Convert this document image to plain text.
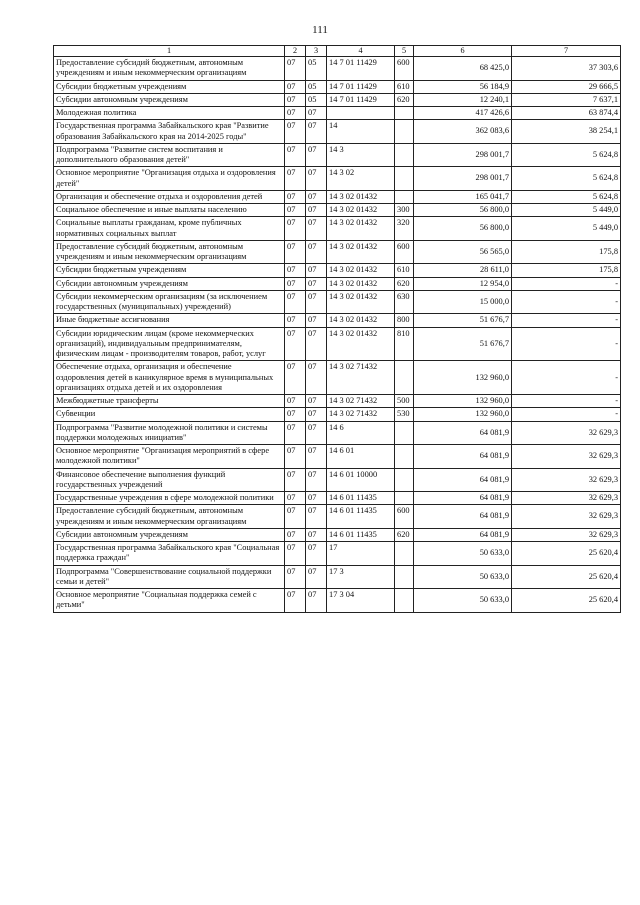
111
1	2	3	4	5	6	7
Предоставление субсидий бюджетным, автономным учреждениям и иным некоммерческим организациям	07	05	14 7 01 11429	600	68 425,0	37 303,6
Субсидии бюджетным учреждениям	07	05	14 7 01 11429	610	56 184,9	29 666,5
Субсидии автономным учреждениям	07	05	14 7 01 11429	620	12 240,1	7 637,1
Молодежная политика	07	07			417 426,6	63 874,4
Государственная программа Забайкальского края "Развитие образования Забайкальского края на 2014-2025 годы"	07	07	14		362 083,6	38 254,1
Подпрограмма "Развитие систем воспитания и дополнительного образования детей"	07	07	14 3		298 001,7	5 624,8
Основное мероприятие "Организация отдыха и оздоровления детей"	07	07	14 3 02		298 001,7	5 624,8
Организация и обеспечение отдыха и оздоровления детей	07	07	14 3 02 01432		165 041,7	5 624,8
Социальное обеспечение и иные выплаты населению	07	07	14 3 02 01432	300	56 800,0	5 449,0
Социальные выплаты гражданам, кроме публичных нормативных социальных выплат	07	07	14 3 02 01432	320	56 800,0	5 449,0
Предоставление субсидий бюджетным, автономным учреждениям и иным некоммерческим организациям	07	07	14 3 02 01432	600	56 565,0	175,8
Субсидии бюджетным учреждениям	07	07	14 3 02 01432	610	28 611,0	175,8
Субсидии автономным учреждениям	07	07	14 3 02 01432	620	12 954,0	-
Субсидии некоммерческим организациям (за исключением государственных (муниципальных) учреждений)	07	07	14 3 02 01432	630	15 000,0	-
Иные бюджетные ассигнования	07	07	14 3 02 01432	800	51 676,7	-
Субсидии юридическим лицам (кроме некоммерческих организаций), индивидуальным предпринимателям, физическим лицам - производителям товаров, работ, услуг	07	07	14 3 02 01432	810	51 676,7	-
Обеспечение отдыха, организация и обеспечение оздоровления детей в каникулярное время в муниципальных организациях отдыха детей и их оздоровления	07	07	14 3 02 71432		132 960,0	-
Межбюджетные трансферты	07	07	14 3 02 71432	500	132 960,0	-
Субвенции	07	07	14 3 02 71432	530	132 960,0	-
Подпрограмма "Развитие молодежной политики и системы поддержки молодежных инициатив"	07	07	14 6		64 081,9	32 629,3
Основное мероприятие "Организация мероприятий в сфере молодежной политики"	07	07	14 6 01		64 081,9	32 629,3
Финансовое обеспечение выполнения функций государственных учреждений	07	07	14 6 01 10000		64 081,9	32 629,3
Государственные учреждения в сфере молодежной политики	07	07	14 6 01 11435		64 081,9	32 629,3
Предоставление субсидий бюджетным, автономным учреждениям и иным некоммерческим организациям	07	07	14 6 01 11435	600	64 081,9	32 629,3
Субсидии автономным учреждениям	07	07	14 6 01 11435	620	64 081,9	32 629,3
Государственная программа Забайкальского края "Социальная поддержка граждан"	07	07	17		50 633,0	25 620,4
Подпрограмма "Совершенствование социальной поддержки семьи и детей"	07	07	17 3		50 633,0	25 620,4
Основное мероприятие "Социальная поддержка семей с детьми"	07	07	17 3 04		50 633,0	25 620,4
